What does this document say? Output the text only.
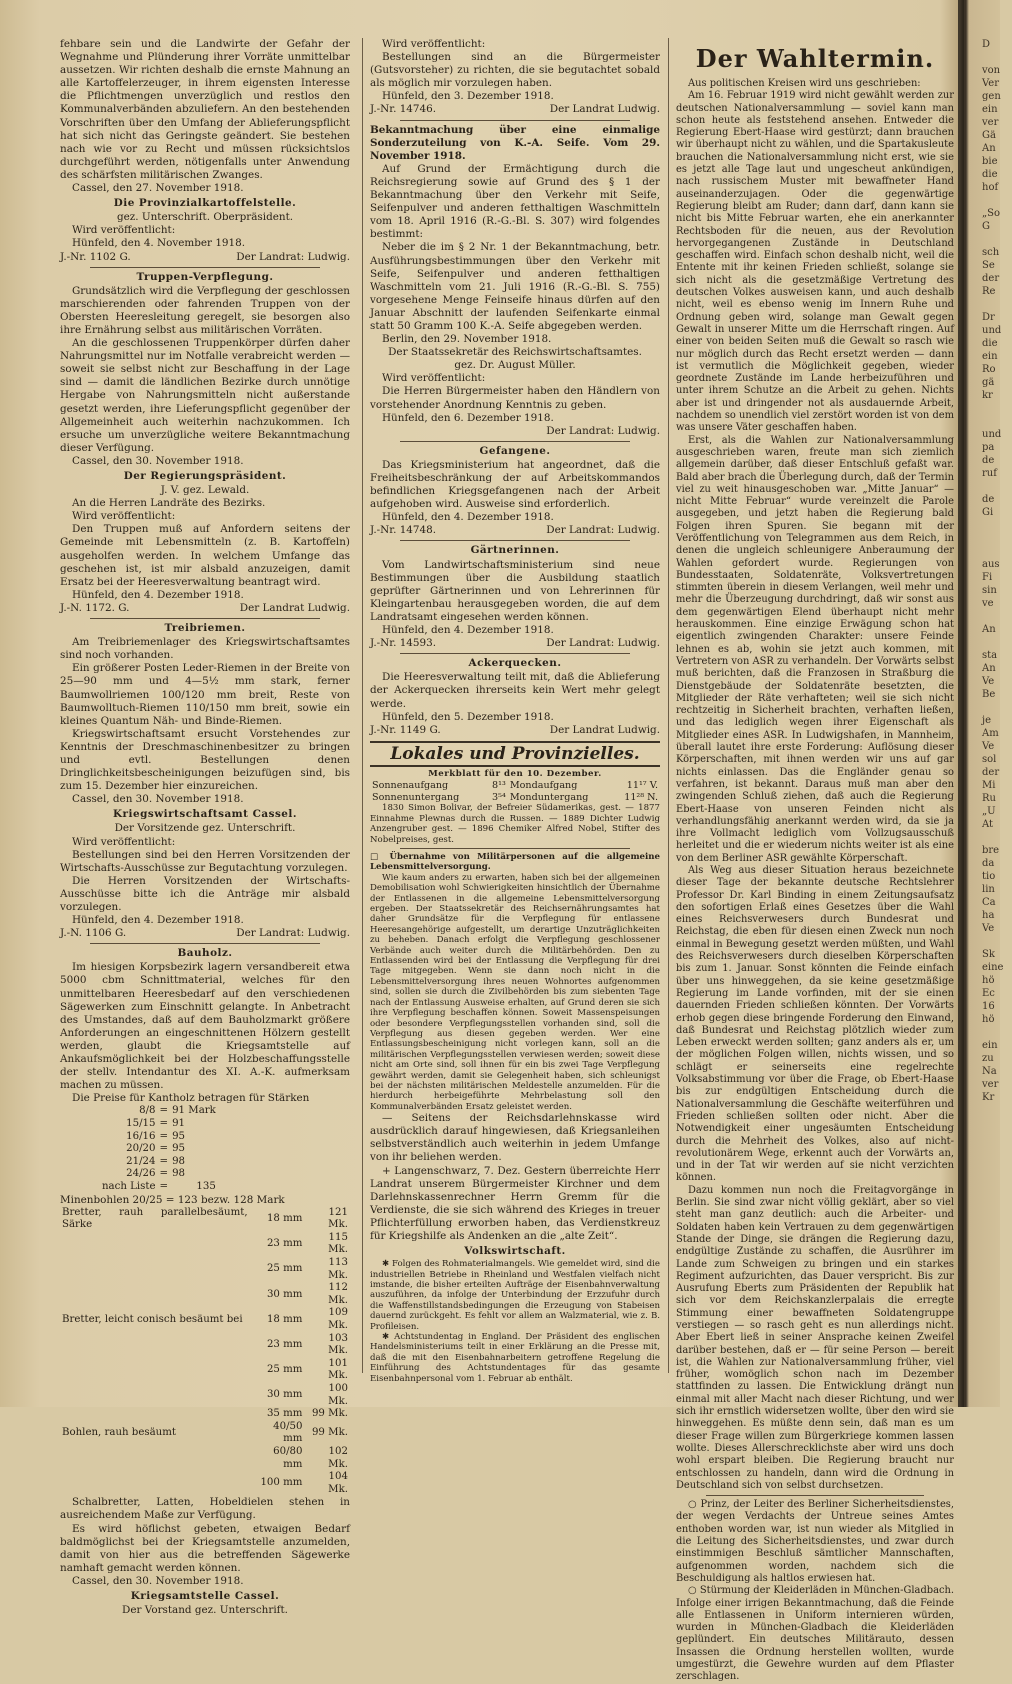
fehbare sein und die Landwirte der Gefahr der Wegnahme und Plünderung ihrer Vorräte unmittelbar aussetzen. Wir richten deshalb die ernste Mahnung an alle Kartoffelerzeuger, in ihrem eigensten Interesse die Pflichtmengen unverzüglich und restlos den Kommunalverbänden abzuliefern. An den bestehenden Vorschriften über den Umfang der Ablieferungspflicht hat sich nicht das Geringste geändert. Sie bestehen nach wie vor zu Recht und müssen rücksichtslos durchgeführt werden, nötigenfalls unter Anwendung des schärfsten militärischen Zwanges.

Cassel, den 27. November 1918.

Die Provinzialkartoffelstelle.

gez. Unterschrift. Oberpräsident.

Wird veröffentlicht:

Hünfeld, den 4. November 1918.

J.-Nr. 1102 G.	Der Landrat: Ludwig.

Truppen-Verpflegung.

Grundsätzlich wird die Verpflegung der geschlossen marschierenden oder fahrenden Truppen von der Obersten Heeresleitung geregelt, sie besorgen also ihre Ernährung selbst aus militärischen Vorräten.

An die geschlossenen Truppenkörper dürfen daher Nahrungsmittel nur im Notfalle verabreicht werden — soweit sie selbst nicht zur Beschaffung in der Lage sind — damit die ländlichen Bezirke durch unnötige Hergabe von Nahrungsmitteln nicht außerstande gesetzt werden, ihre Lieferungspflicht gegenüber der Allgemeinheit auch weiterhin nachzukommen. Ich ersuche um unverzügliche weitere Bekanntmachung dieser Verfügung.

Cassel, den 30. November 1918.

Der Regierungspräsident.

J. V. gez. Lewald.

An die Herren Landräte des Bezirks.

Wird veröffentlicht:

Den Truppen muß auf Anfordern seitens der Gemeinde mit Lebensmitteln (z. B. Kartoffeln) ausgeholfen werden. In welchem Umfange das geschehen ist, ist mir alsbald anzuzeigen, damit Ersatz bei der Heeresverwaltung beantragt wird.

Hünfeld, den 4. Dezember 1918.

J.-N. 1172. G.	Der Landrat Ludwig.

Treibriemen.

Am Treibriemenlager des Kriegswirtschaftsamtes sind noch vorhanden.

Ein größerer Posten Leder-Riemen in der Breite von 25—90 mm und 4—5½ mm stark, ferner Baumwollriemen 100/120 mm breit, Reste von Baumwolltuch-Riemen 110/150 mm breit, sowie ein kleines Quantum Näh- und Binde-Riemen.

Kriegswirtschaftsamt ersucht Vorstehendes zur Kenntnis der Dreschmaschinenbesitzer zu bringen und evtl. Bestellungen denen Dringlichkeitsbescheinigungen beizufügen sind, bis zum 15. Dezember hier einzureichen.

Cassel, den 30. November 1918.

Kriegswirtschaftsamt Cassel.

Der Vorsitzende gez. Unterschrift.

Wird veröffentlicht:

Bestellungen sind bei den Herren Vorsitzenden der Wirtschafts-Ausschüsse zur Begutachtung vorzulegen.

Die Herren Vorsitzenden der Wirtschafts-Ausschüsse bitte ich die Anträge mir alsbald vorzulegen.

Hünfeld, den 4. Dezember 1918.

J.-N. 1106 G.	Der Landrat: Ludwig.

Bauholz.

Im hiesigen Korpsbezirk lagern versandbereit etwa 5000 cbm Schnittmaterial, welches für den unmittelbaren Heeresbedarf auf den verschiedenen Sägewerken zum Einschnitt gelangte. In Anbetracht des Umstandes, daß auf dem Bauholzmarkt größere Anforderungen an eingeschnittenen Hölzern gestellt werden, glaubt die Kriegsamtstelle auf Ankaufsmöglichkeit bei der Holzbeschaffungsstelle der stellv. Intendantur des XI. A.-K. aufmerksam machen zu müssen.

Die Preise für Kantholz betragen für Stärken

8/8	=	91 Mark
15/15	=	91
16/16	=	95
20/20	=	95
21/24	=	98
24/26	=	98
nach Liste	=	135

Minenbohlen 20/25 = 123 bezw. 128 Mark

Bretter, rauh parallelbesäumt, Särke	18 mm	121 Mk.
	23 mm	115 Mk.
	25 mm	113 Mk.
	30 mm	112 Mk.
Bretter, leicht conisch besäumt bei	18 mm	109 Mk.
	23 mm	103 Mk.
	25 mm	101 Mk.
	30 mm	100 Mk.
	35 mm	99 Mk.
Bohlen, rauh besäumt	40/50 mm	99 Mk.
	60/80 mm	102 Mk.
	100 mm	104 Mk.

Schalbretter, Latten, Hobeldielen stehen in ausreichendem Maße zur Verfügung.

Es wird höflichst gebeten, etwaigen Bedarf baldmöglichst bei der Kriegsamtstelle anzumelden, damit von hier aus die betreffenden Sägewerke namhaft gemacht werden können.

Cassel, den 30. November 1918.

Kriegsamtstelle Cassel.

Der Vorstand gez. Unterschrift.

Wird veröffentlicht:

Bestellungen sind an die Bürgermeister (Gutsvorsteher) zu richten, die sie begutachtet sobald als möglich mir vorzulegen haben.

Hünfeld, den 3. Dezember 1918.

J.-Nr. 14746.	Der Landrat Ludwig.

Bekanntmachung über eine einmalige Sonderzuteilung von K.-A. Seife. Vom 29. November 1918.

Auf Grund der Ermächtigung durch die Reichsregierung sowie auf Grund des § 1 der Bekanntmachung über den Verkehr mit Seife, Seifenpulver und anderen fetthaltigen Waschmitteln vom 18. April 1916 (R.-G.-Bl. S. 307) wird folgendes bestimmt:

Neber die im § 2 Nr. 1 der Bekanntmachung, betr. Ausführungsbestimmungen über den Verkehr mit Seife, Seifenpulver und anderen fetthaltigen Waschmitteln vom 21. Juli 1916 (R.-G.-Bl. S. 755) vorgesehene Menge Feinseife hinaus dürfen auf den Januar Abschnitt der laufenden Seifenkarte einmal statt 50 Gramm 100 K.-A. Seife abgegeben werden.

Berlin, den 29. November 1918.

Der Staatssekretär des Reichswirtschaftsamtes.

gez. Dr. August Müller.

Wird veröffentlicht:

Die Herren Bürgermeister haben den Händlern von vorstehender Anordnung Kenntnis zu geben.

Hünfeld, den 6. Dezember 1918.

Der Landrat: Ludwig.

Gefangene.

Das Kriegsministerium hat angeordnet, daß die Freiheitsbeschränkung der auf Arbeitskommandos befindlichen Kriegsgefangenen nach der Arbeit aufgehoben wird. Ausweise sind erforderlich.

Hünfeld, den 4. Dezember 1918.

J.-Nr. 14748.	Der Landrat: Ludwig.

Gärtnerinnen.

Vom Landwirtschaftsministerium sind neue Bestimmungen über die Ausbildung staatlich geprüfter Gärtnerinnen und von Lehrerinnen für Kleingartenbau herausgegeben worden, die auf dem Landratsamt eingesehen werden können.

Hünfeld, den 4. Dezember 1918.

J.-Nr. 14593.	Der Landrat: Ludwig.

Ackerquecken.

Die Heeresverwaltung teilt mit, daß die Ablieferung der Ackerquecken ihrerseits kein Wert mehr gelegt werde.

Hünfeld, den 5. Dezember 1918.

J.-Nr. 1149 G.	Der Landrat Ludwig.

Lokales und Provinzielles.

Merkblatt für den 10. Dezember.

Sonnenaufgang	8¹³	Mondaufgang	11¹⁷ V.
Sonnenuntergang	3⁵⁴	Monduntergang	11²⁸ N.

1830 Simon Bolivar, der Befreier Südamerikas, gest. — 1877 Einnahme Plewnas durch die Russen. — 1889 Dichter Ludwig Anzengruber gest. — 1896 Chemiker Alfred Nobel, Stifter des Nobelpreises, gest.

□ Übernahme von Militärpersonen auf die allgemeine Lebensmittelversorgung.

Wie kaum anders zu erwarten, haben sich bei der allgemeinen Demobilisation wohl Schwierigkeiten hinsichtlich der Übernahme der Entlassenen in die allgemeine Lebensmittelversorgung ergeben. Der Staatssekretär des Reichsernährungsamtes hat daher Grundsätze für die Verpflegung für entlassene Heeresangehörige aufgestellt, um derartige Unzuträglichkeiten zu beheben. Danach erfolgt die Verpflegung geschlossener Verbände auch weiter durch die Militärbehörden. Den zu Entlassenden wird bei der Entlassung die Verpflegung für drei Tage mitgegeben. Wenn sie dann noch nicht in die Lebensmittelversorgung ihres neuen Wohnortes aufgenommen sind, sollen sie durch die Zivilbehörden bis zum siebenten Tage nach der Entlassung Ausweise erhalten, auf Grund deren sie sich ihre Verpflegung beschaffen können. Soweit Massenspeisungen oder besondere Verpflegungsstellen vorhanden sind, soll die Verpflegung aus diesen gegeben werden. Wer eine Entlassungsbescheinigung nicht vorlegen kann, soll an die militärischen Verpflegungsstellen verwiesen werden; soweit diese nicht am Orte sind, soll ihnen für ein bis zwei Tage Verpflegung gewährt werden, damit sie Gelegenheit haben, sich schleunigst bei der nächsten militärischen Meldestelle anzumelden. Für die hierdurch herbeigeführte Mehrbelastung soll den Kommunalverbänden Ersatz geleistet werden.

— Seitens der Reichsdarlehnskasse wird ausdrücklich darauf hingewiesen, daß Kriegsanleihen selbstverständlich auch weiterhin in jedem Umfange von ihr beliehen werden.

+ Langenschwarz, 7. Dez. Gestern überreichte Herr Landrat unserem Bürgermeister Kirchner und dem Darlehnskassenrechner Herrn Gremm für die Verdienste, die sie sich während des Krieges in treuer Pflichterfüllung erworben haben, das Verdienstkreuz für Kriegshilfe als Andenken an die „alte Zeit“.

Volkswirtschaft.

✱ Folgen des Rohmaterialmangels. Wie gemeldet wird, sind die industriellen Betriebe in Rheinland und Westfalen vielfach nicht imstande, die bisher erteilten Aufträge der Eisenbahnverwaltung auszuführen, da infolge der Unterbindung der Erzzufuhr durch die Waffenstillstandsbedingungen die Erzeugung von Stabeisen dauernd zurückgeht. Es fehlt vor allem an Walzmaterial, wie z. B. Profileisen.

✱ Achtstundentag in England. Der Präsident des englischen Handelsministeriums teilt in einer Erklärung an die Presse mit, daß die mit den Eisenbahnarbeitern getroffene Regelung die Einführung des Achtstundentages für das gesamte Eisenbahnpersonal vom 1. Februar ab enthält.

Der Wahltermin.

Aus politischen Kreisen wird uns geschrieben:

Am 16. Februar 1919 wird nicht gewählt werden zur deutschen Nationalversammlung — soviel kann man schon heute als feststehend ansehen. Entweder die Regierung Ebert-Haase wird gestürzt; dann brauchen wir überhaupt nicht zu wählen, und die Spartakusleute brauchen die Nationalversammlung nicht erst, wie sie es jetzt alle Tage laut und ungescheut ankündigen, nach russischem Muster mit bewaffneter Hand auseinanderzujagen. Oder die gegenwärtige Regierung bleibt am Ruder; dann darf, dann kann sie nicht bis Mitte Februar warten, ehe ein anerkannter Rechtsboden für die neuen, aus der Revolution hervorgegangenen Zustände in Deutschland geschaffen wird. Einfach schon deshalb nicht, weil die Entente mit ihr keinen Frieden schließt, solange sie sich nicht als die gesetzmäßige Vertretung des deutschen Volkes ausweisen kann, und auch deshalb nicht, weil es ebenso wenig im Innern Ruhe und Ordnung geben wird, solange man Gewalt gegen Gewalt in unserer Mitte um die Herrschaft ringen. Auf einer von beiden Seiten muß die Gewalt so rasch wie nur möglich durch das Recht ersetzt werden — dann ist vermutlich die Möglichkeit gegeben, wieder geordnete Zustände im Lande herbeizuführen und unter ihrem Schutze an die Arbeit zu gehen. Nichts aber ist und dringender not als ausdauernde Arbeit, nachdem so unendlich viel zerstört worden ist von dem was unsere Väter geschaffen haben.

Erst, als die Wahlen zur Nationalversammlung ausgeschrieben waren, freute man sich ziemlich allgemein darüber, daß dieser Entschluß gefaßt war. Bald aber brach die Überlegung durch, daß der Termin viel zu weit hinausgeschoben war. „Mitte Januar“ — nicht Mitte Februar“ wurde vereinzelt die Parole ausgegeben, und jetzt haben die Regierung bald Folgen ihren Spuren. Sie begann mit der Veröffentlichung von Telegrammen aus dem Reich, in denen die ungleich schleunigere Anberaumung der Wahlen gefordert wurde. Regierungen von Bundesstaaten, Soldatenräte, Volksvertretungen stimmten überein in diesem Verlangen, weil mehr und mehr die Überzeugung durchdringt, daß wir sonst aus dem gegenwärtigen Elend überhaupt nicht mehr herauskommen. Eine einzige Erwägung schon hat eigentlich zwingenden Charakter: unsere Feinde lehnen es ab, wohin sie jetzt auch kommen, mit Vertretern von ASR zu verhandeln. Der Vorwärts selbst muß berichten, daß die Franzosen in Straßburg die Dienstgebäude der Soldatenräte besetzten, die Mitglieder der Räte verhafteten; weil sie sich nicht rechtzeitig in Sicherheit brachten, verhaften ließen, und das lediglich wegen ihrer Eigenschaft als Mitglieder eines ASR. In Ludwigshafen, in Mannheim, überall lautet ihre erste Forderung: Auflösung dieser Körperschaften, mit ihnen werden wir uns auf gar nichts einlassen. Das die Engländer genau so verfahren, ist bekannt. Daraus muß man aber den zwingenden Schluß ziehen, daß auch die Regierung Ebert-Haase von unseren Feinden nicht als verhandlungsfähig anerkannt werden wird, da sie ja ihre Vollmacht lediglich vom Vollzugsausschuß herleitet und die er wiederum nichts weiter ist als eine von dem Berliner ASR gewählte Körperschaft.

Als Weg aus dieser Situation heraus bezeichnete dieser Tage der bekannte deutsche Rechtslehrer Professor Dr. Karl Binding in einem Zeitungsaufsatz den sofortigen Erlaß eines Gesetzes über die Wahl eines Reichsverwesers durch Bundesrat und Reichstag, die eben für diesen einen Zweck nun noch einmal in Bewegung gesetzt werden müßten, und Wahl des Reichsverwesers durch dieselben Körperschaften bis zum 1. Januar. Sonst könnten die Feinde einfach über uns hinweggehen, da sie keine gesetzmäßige Regierung im Lande vorfinden, mit der sie einen dauernden Frieden schließen könnten. Der Vorwärts erhob gegen diese bringende Forderung den Einwand, daß Bundesrat und Reichstag plötzlich wieder zum Leben erweckt werden sollten; ganz anders als er, um der möglichen Folgen willen, nichts wissen, und so schlägt er seinerseits eine regelrechte Volksabstimmung vor über die Frage, ob Ebert-Haase bis zur endgültigen Entscheidung durch die Nationalversammlung die Geschäfte weiterführen und Frieden schließen sollten oder nicht. Aber die Notwendigkeit einer ungesäumten Entscheidung durch die Mehrheit des Volkes, also auf nicht-revolutionärem Wege, erkennt auch der Vorwärts an, und in der Tat wir werden auf sie nicht verzichten können.

Dazu kommen nun noch die Freitagvorgänge in Berlin. Sie sind zwar nicht völlig geklärt, aber so viel steht man ganz deutlich: auch die Arbeiter- und Soldaten haben kein Vertrauen zu dem gegenwärtigen Stande der Dinge, sie drängen die Regierung dazu, endgültige Zustände zu schaffen, die Ausrührer im Lande zum Schweigen zu bringen und ein starkes Regiment aufzurichten, das Dauer verspricht. Bis zur Ausrufung Eberts zum Präsidenten der Republik hat sich vor dem Reichskanzlerpalais die erregte Stimmung einer bewaffneten Soldatengruppe verstiegen — so rasch geht es nun allerdings nicht. Aber Ebert ließ in seiner Ansprache keinen Zweifel darüber bestehen, daß er — für seine Person — bereit ist, die Wahlen zur Nationalversammlung früher, viel früher, womöglich schon nach im Dezember stattfinden zu lassen. Die Entwicklung drängt nun einmal mit aller Macht nach dieser Richtung, und wer sich ihr ernstlich widersetzen wollte, über den wird sie hinweggehen. Es müßte denn sein, daß man es um dieser Frage willen zum Bürgerkriege kommen lassen wollte. Dieses Allerschrecklichste aber wird uns doch wohl erspart bleiben. Die Regierung braucht nur entschlossen zu handeln, dann wird die Ordnung in Deutschland sich von selbst durchsetzen.

○ Prinz, der Leiter des Berliner Sicherheitsdienstes, der wegen Verdachts der Untreue seines Amtes enthoben worden war, ist nun wieder als Mitglied in die Leitung des Sicherheitsdienstes, und zwar durch einstimmigen Beschluß sämtlicher Mannschaften, aufgenommen worden, nachdem sich die Beschuldigung als haltlos erwiesen hat.

○ Stürmung der Kleiderläden in München-Gladbach. Infolge einer irrigen Bekanntmachung, daß die Feinde alle Entlassenen in Uniform internieren würden, wurden in München-Gladbach die Kleiderläden geplündert. Ein deutsches Militärauto, dessen Insassen die Ordnung herstellen wollten, wurde umgestürzt, die Gewehre wurden auf dem Pflaster zerschlagen.

D

von
Ver
gen
ein
ver
Gä
An
bie
die
hof

„So
G

sch
Se
der
Re

Dr
und
die
ein
Ro
gä
kr

und
pa
de
ruf

de
Gi

aus
Fi
sin
ve

An

sta
An
Ve
Be

je
Am
Ve
sol
der
Mi
Ru
„U
At

bre
da
tio
lin
Ca
ha
Ve

Sk
eine
hö
Ec
16
hö

ein
zu
Na
ver
Kr
